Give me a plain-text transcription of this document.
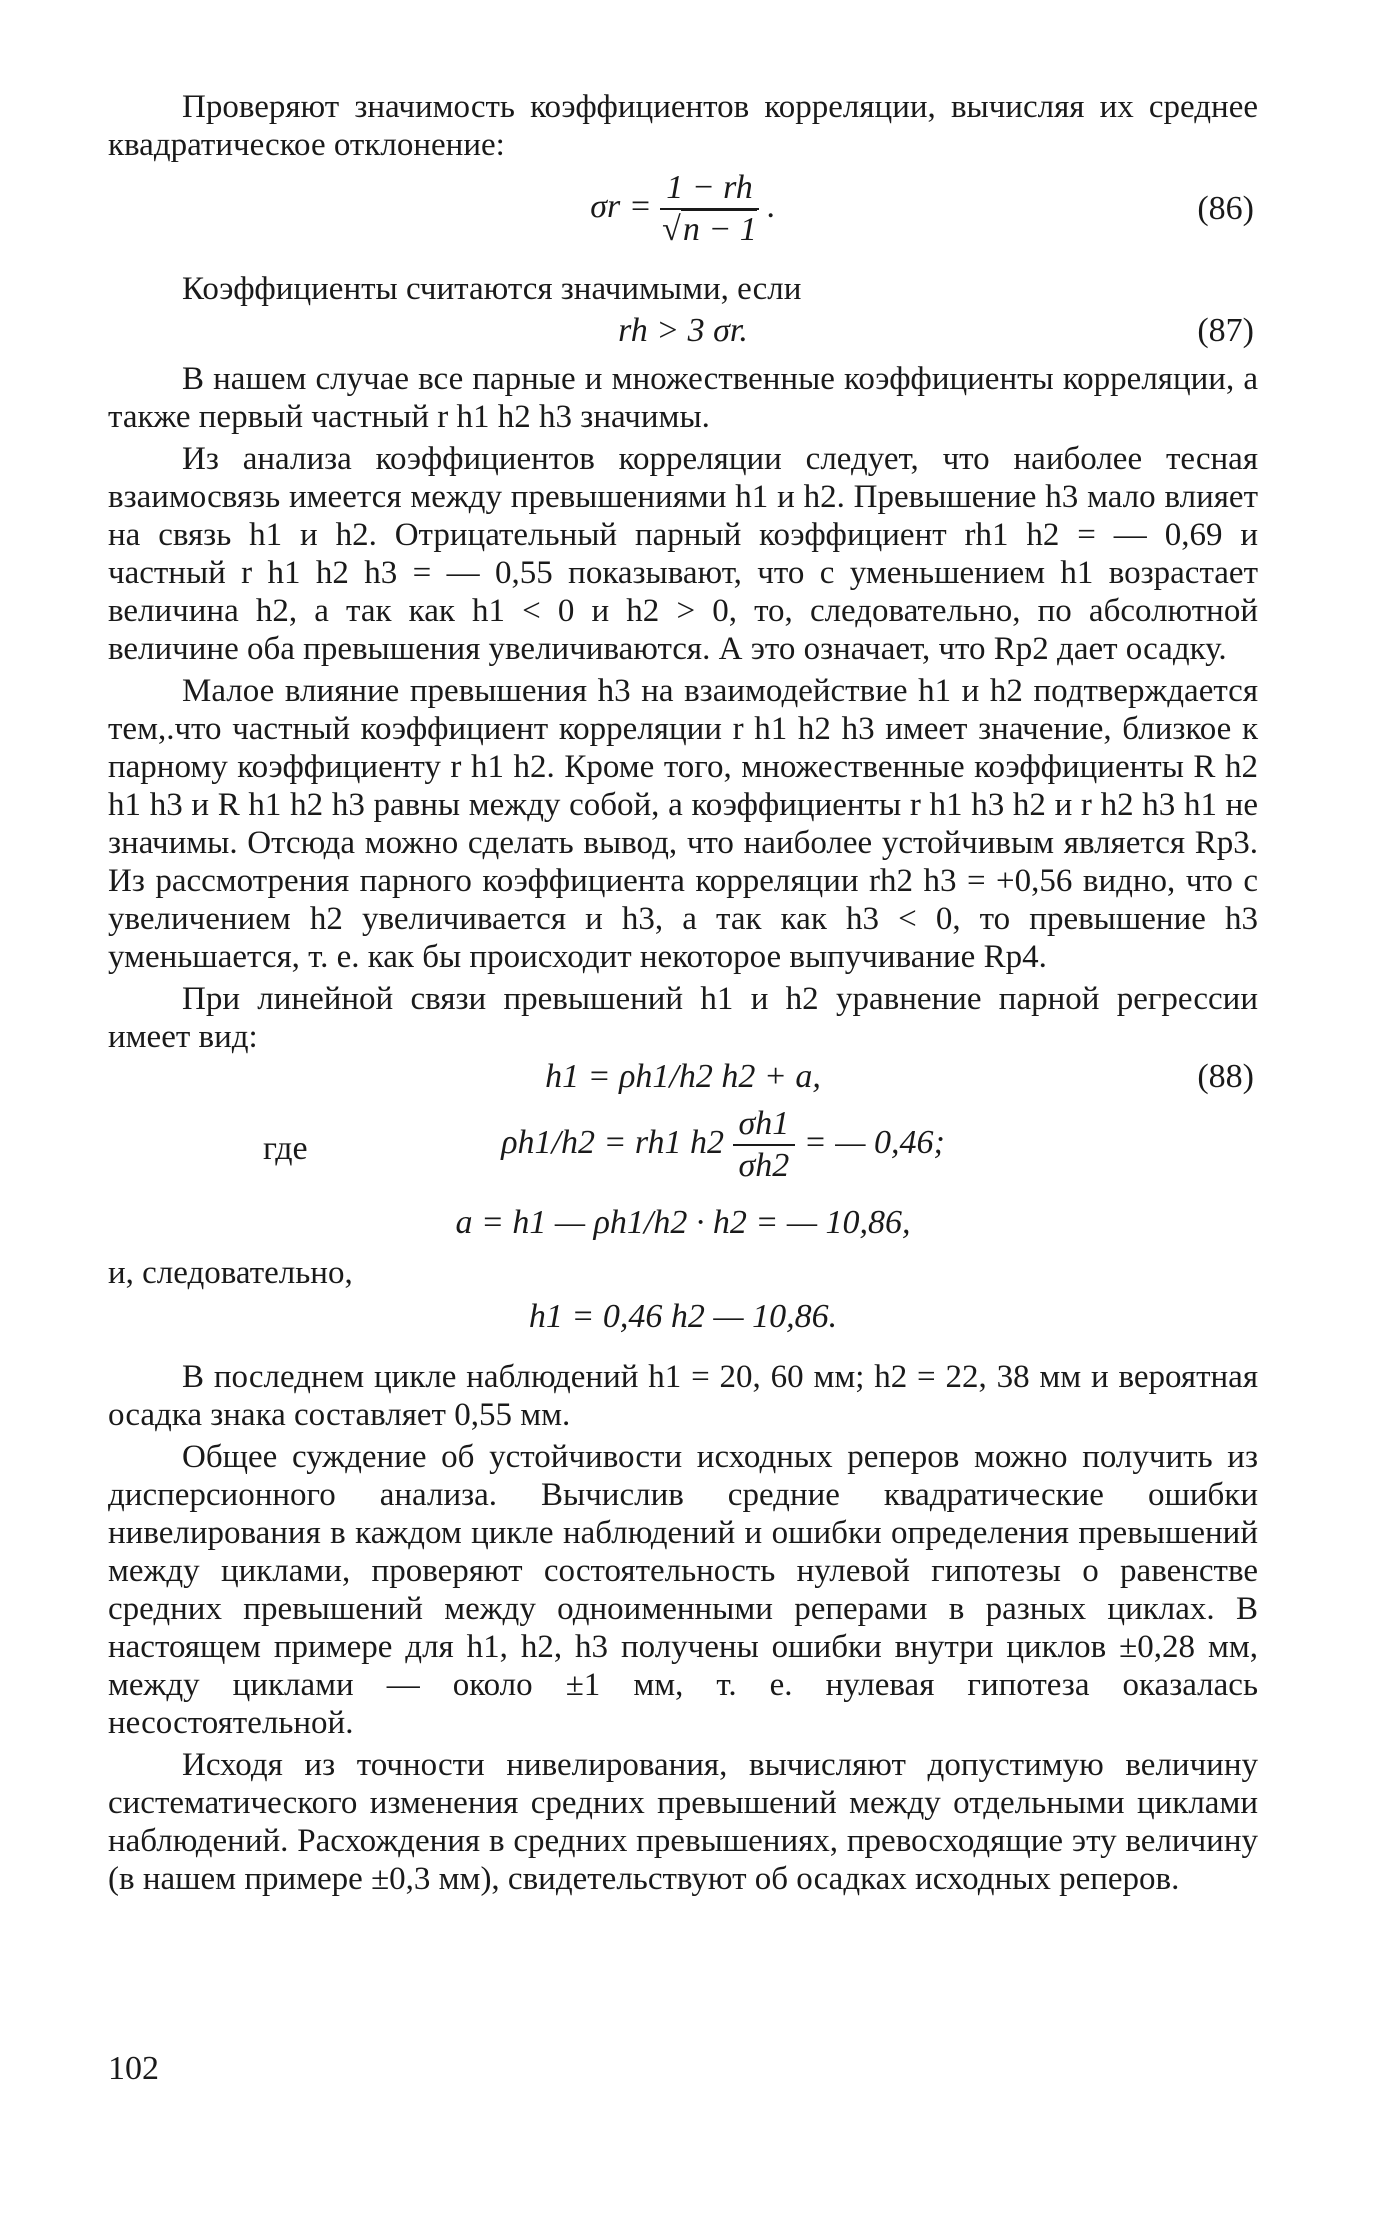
Проверяют значимость коэффициентов корреляции, вычисляя их среднее квадратическое отклонение:

$\sigma r = \frac{1 - rh}{√n - 1}$ .	(86)

Коэффициенты считаются значимыми, если

rh > 3 σr.	(87)

В нашем случае все парные и множественные коэффициенты корреляции, а также первый частный r h1 h2 h3 значимы.

Из анализа коэффициентов корреляции следует, что наиболее тесная взаимосвязь имеется между превышениями h1 и h2. Превышение h3 мало влияет на связь h1 и h2. Отрицательный парный коэффициент rh1 h2 = — 0,69 и частный r h1 h2 h3 = — 0,55 показывают, что с уменьшением h1 возрастает величина h2, а так как h1 < 0 и h2 > 0, то, следовательно, по абсолютной величине оба превышения увеличиваются. А это означает, что Rр2 дает осадку.

Малое влияние превышения h3 на взаимодействие h1 и h2 подтверждается тем,.что частный коэффициент корреляции r h1 h2 h3 имеет значение, близкое к парному коэффициенту r h1 h2. Кроме того, множественные коэффициенты R h2 h1 h3 и R h1 h2 h3 равны между собой, а коэффициенты r h1 h3 h2 и r h2 h3 h1 не значимы. Отсюда можно сделать вывод, что наиболее устойчивым является Rр3. Из рассмотрения парного коэффициента корреляции rh2 h3 = +0,56 видно, что с увеличением h2 увеличивается и h3, а так как h3 < 0, то превышение h3 уменьшается, т. е. как бы происходит некоторое выпучивание Rр4.

При линейной связи превышений h1 и h2 уравнение парной регрессии имеет вид:

h1 = ρh1/h2 h2 + a,	(88)
где	ρh1/h2 = rh1 $h2 \frac{\sigma h1}{\sigma h2}$ = — 0,46;
a = h1 — ρh1/h2 · h2 = — 10,86,

и, следовательно,

h1 = 0,46 h2 — 10,86.

В последнем цикле наблюдений h1 = 20, 60 мм; h2 = 22, 38 мм и вероятная осадка знака составляет 0,55 мм.

Общее суждение об устойчивости исходных реперов можно получить из дисперсионного анализа. Вычислив средние квадратические ошибки нивелирования в каждом цикле наблюдений и ошибки определения превышений между циклами, проверяют состоятельность нулевой гипотезы о равенстве средних превышений между одноименными реперами в разных циклах. В настоящем примере для h1, h2, h3 получены ошибки внутри циклов ±0,28 мм, между циклами — около ±1 мм, т. е. нулевая гипотеза оказалась несостоятельной.

Исходя из точности нивелирования, вычисляют допустимую величину систематического изменения средних превышений между отдельными циклами наблюдений. Расхождения в средних превышениях, превосходящие эту величину (в нашем примере ±0,3 мм), свидетельствуют об осадках исходных реперов.

102
